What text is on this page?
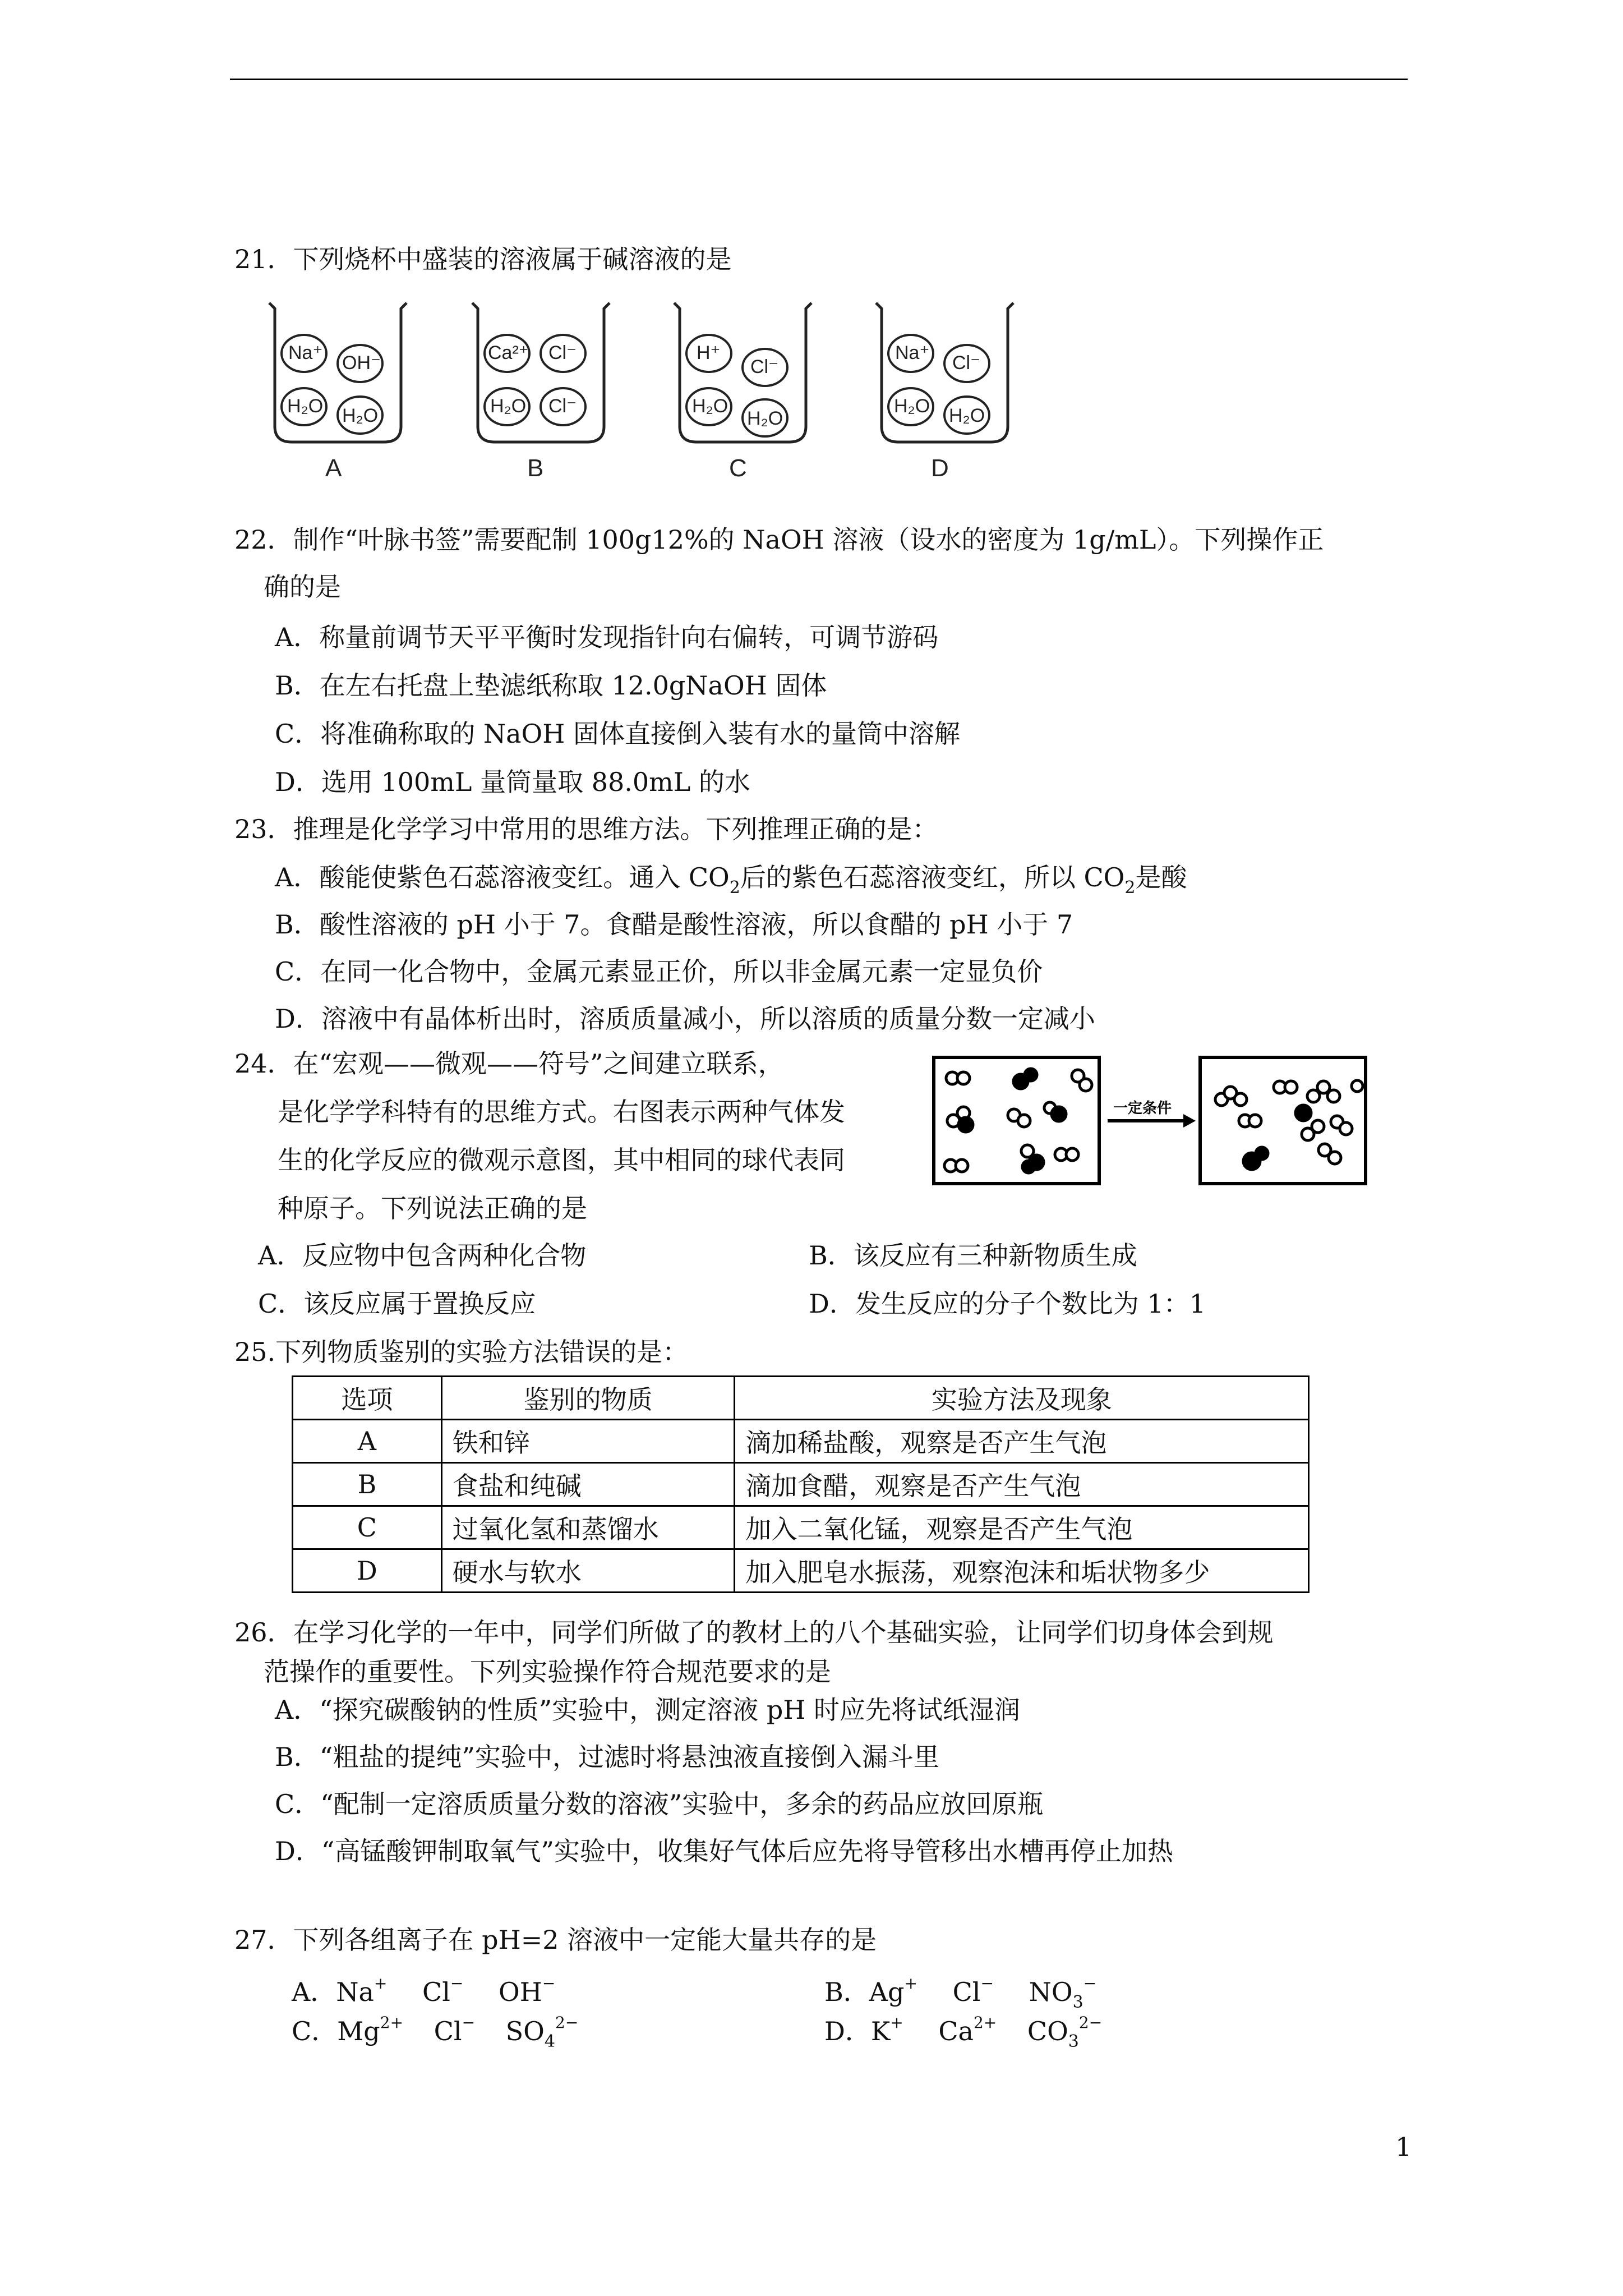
21．下列烧杯中盛装的溶液属于碱溶液的是
Na⁺ OH⁻
H₂O H₂O
Ca²⁺ Cl⁻
H₂O Cl⁻
H⁺
Cl⁻
H₂O
H₂O
Na⁺ Cl⁻
H₂O H₂O
A	B	C	D
22．制作“叶脉书签”需要配制 100g12%的 NaOH 溶液（设水的密度为 1g/mL）。下列操作正
确的是
A．称量前调节天平平衡时发现指针向右偏转，可调节游码
B．在左右托盘上垫滤纸称取 12.0gNaOH 固体
C．将准确称取的 NaOH 固体直接倒入装有水的量筒中溶解
D．选用 100mL 量筒量取 88.0mL 的水
23．推理是化学学习中常用的思维方法。下列推理正确的是：
A．酸能使紫色石蕊溶液变红。通入 $CO_2$后的紫色石蕊溶液变红，所以 $CO_2$是酸
B．酸性溶液的 pH 小于 7。食醋是酸性溶液，所以食醋的 pH 小于 7
C．在同一化合物中，金属元素显正价，所以非金属元素一定显负价
D．溶液中有晶体析出时，溶质质量减小，所以溶质的质量分数一定减小
24．在“宏观——微观——符号”之间建立联系，
是化学学科特有的思维方式。右图表示两种气体发
生的化学反应的微观示意图，其中相同的球代表同
种原子。下列说法正确的是
一定条件
A．反应物中包含两种化合物	B．该反应有三种新物质生成
C．该反应属于置换反应	D．发生反应的分子个数比为 1：1
25.下列物质鉴别的实验方法错误的是：
选项	鉴别的物质	实验方法及现象
A	铁和锌	滴加稀盐酸，观察是否产生气泡
B	食盐和纯碱	滴加食醋，观察是否产生气泡
C	过氧化氢和蒸馏水	加入二氧化锰，观察是否产生气泡
D	硬水与软水	加入肥皂水振荡，观察泡沫和垢状物多少
26．在学习化学的一年中，同学们所做了的教材上的八个基础实验，让同学们切身体会到规
范操作的重要性。下列实验操作符合规范要求的是
A．“探究碳酸钠的性质”实验中，测定溶液 pH 时应先将试纸湿润
B．“粗盐的提纯”实验中，过滤时将悬浊液直接倒入漏斗里
C．“配制一定溶质质量分数的溶液”实验中，多余的药品应放回原瓶
D．“高锰酸钾制取氧气”实验中，收集好气体后应先将导管移出水槽再停止加热
27．下列各组离子在 pH=2 溶液中一定能大量共存的是
A．Na+ Cl− OH−	B．Ag+ Cl− $NO_3^-$
C．$Mg^{2+}$ Cl− $SO_4^{2-}$	D．K+ $Ca^{2+}$ $CO_3^{2-}$
1
